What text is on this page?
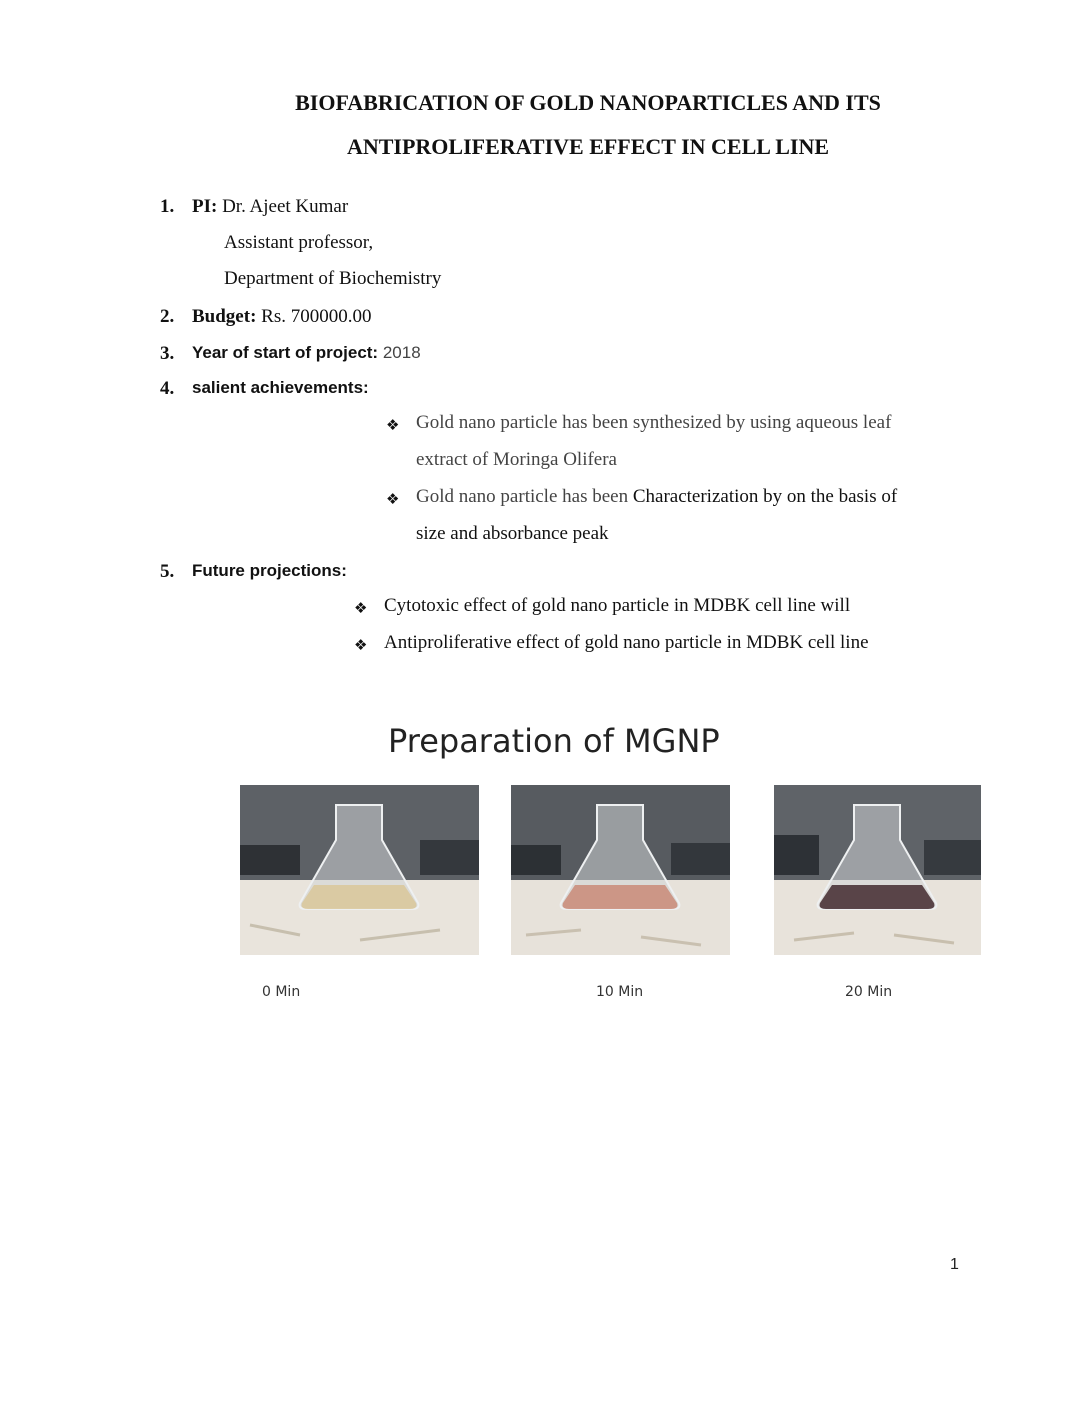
BIOFABRICATION OF GOLD NANOPARTICLES AND ITS
ANTIPROLIFERATIVE EFFECT IN CELL LINE
1. PI: Dr. Ajeet Kumar
Assistant professor,
Department of Biochemistry
2. Budget: Rs. 700000.00
3. Year of start of project: 2018
4. salient achievements:
❖ Gold nano particle has been synthesized by using aqueous leaf
extract of Moringa Olifera
❖ Gold nano particle has been Characterization by on the basis of
size and absorbance peak
5. Future projections:
❖ Cytotoxic effect of gold nano particle in MDBK cell line will
❖ Antiproliferative effect of gold nano particle in MDBK cell line
Preparation of MGNP
0 Min	10 Min	20 Min
1
